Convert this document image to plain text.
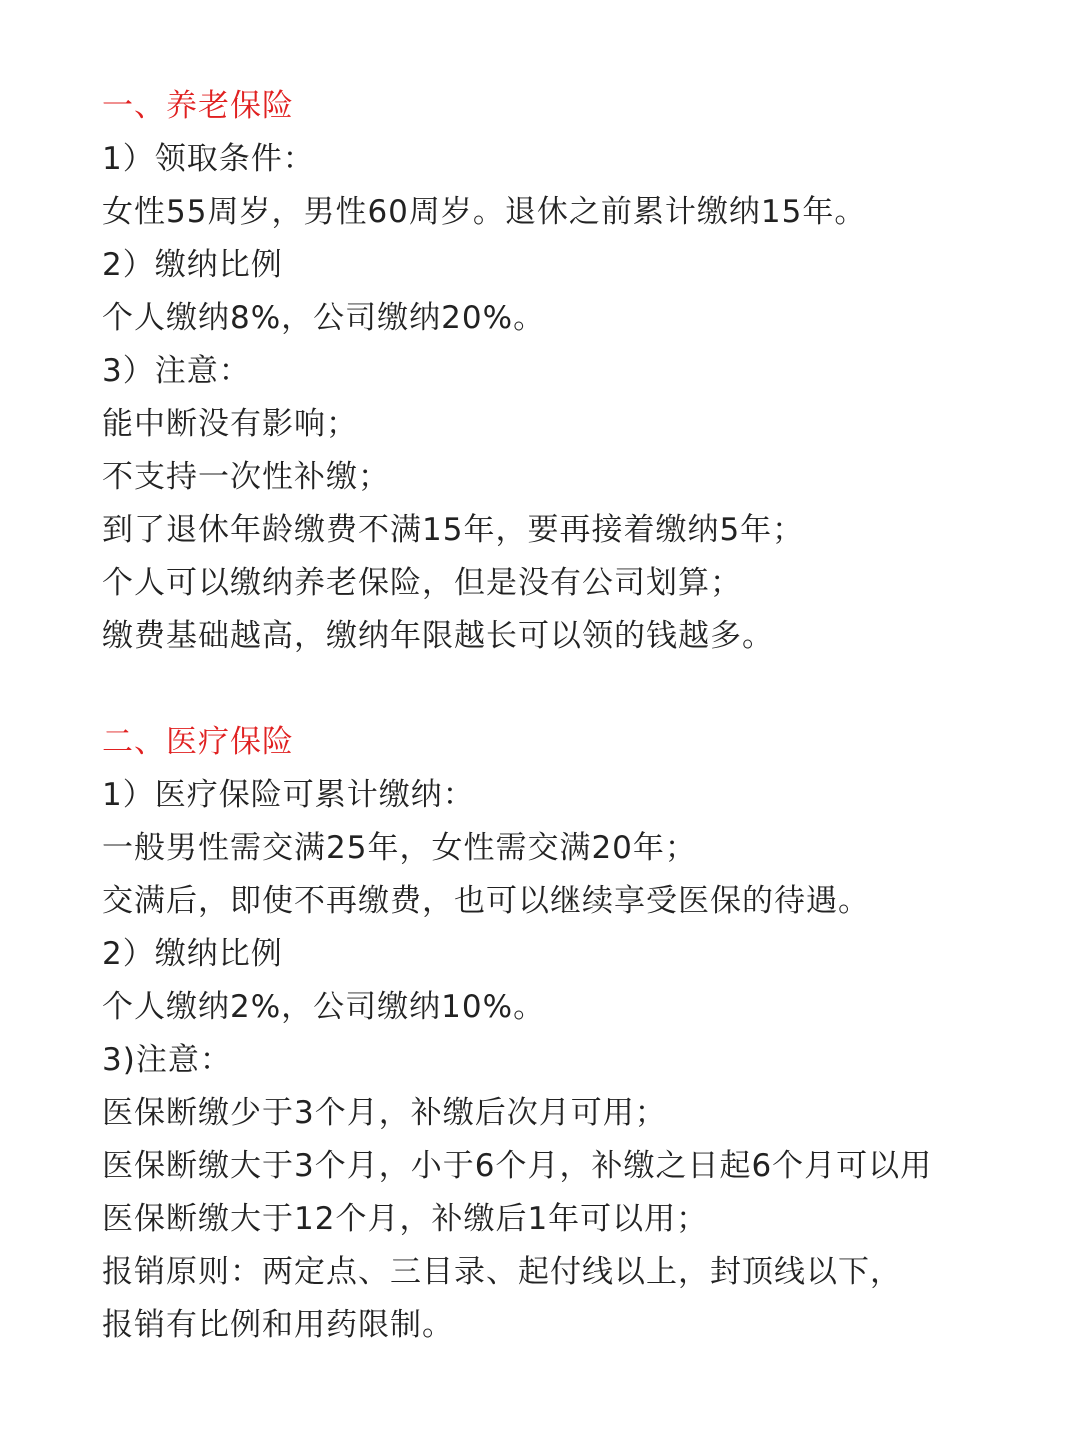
一、养老保险
1）领取条件：
女性55周岁，男性60周岁。退休之前累计缴纳15年。
2）缴纳比例
个人缴纳8%，公司缴纳20%。
3）注意：
能中断没有影响；
不支持一次性补缴；
到了退休年龄缴费不满15年，要再接着缴纳5年；
个人可以缴纳养老保险，但是没有公司划算；
缴费基础越高，缴纳年限越长可以领的钱越多。
二、医疗保险
1）医疗保险可累计缴纳：
一般男性需交满25年，女性需交满20年；
交满后，即使不再缴费，也可以继续享受医保的待遇。
2）缴纳比例
个人缴纳2%，公司缴纳10%。
3)注意：
医保断缴少于3个月，补缴后次月可用；
医保断缴大于3个月，小于6个月，补缴之日起6个月可以用
医保断缴大于12个月，补缴后1年可以用；
报销原则：两定点、三目录、起付线以上，封顶线以下，
报销有比例和用药限制。
